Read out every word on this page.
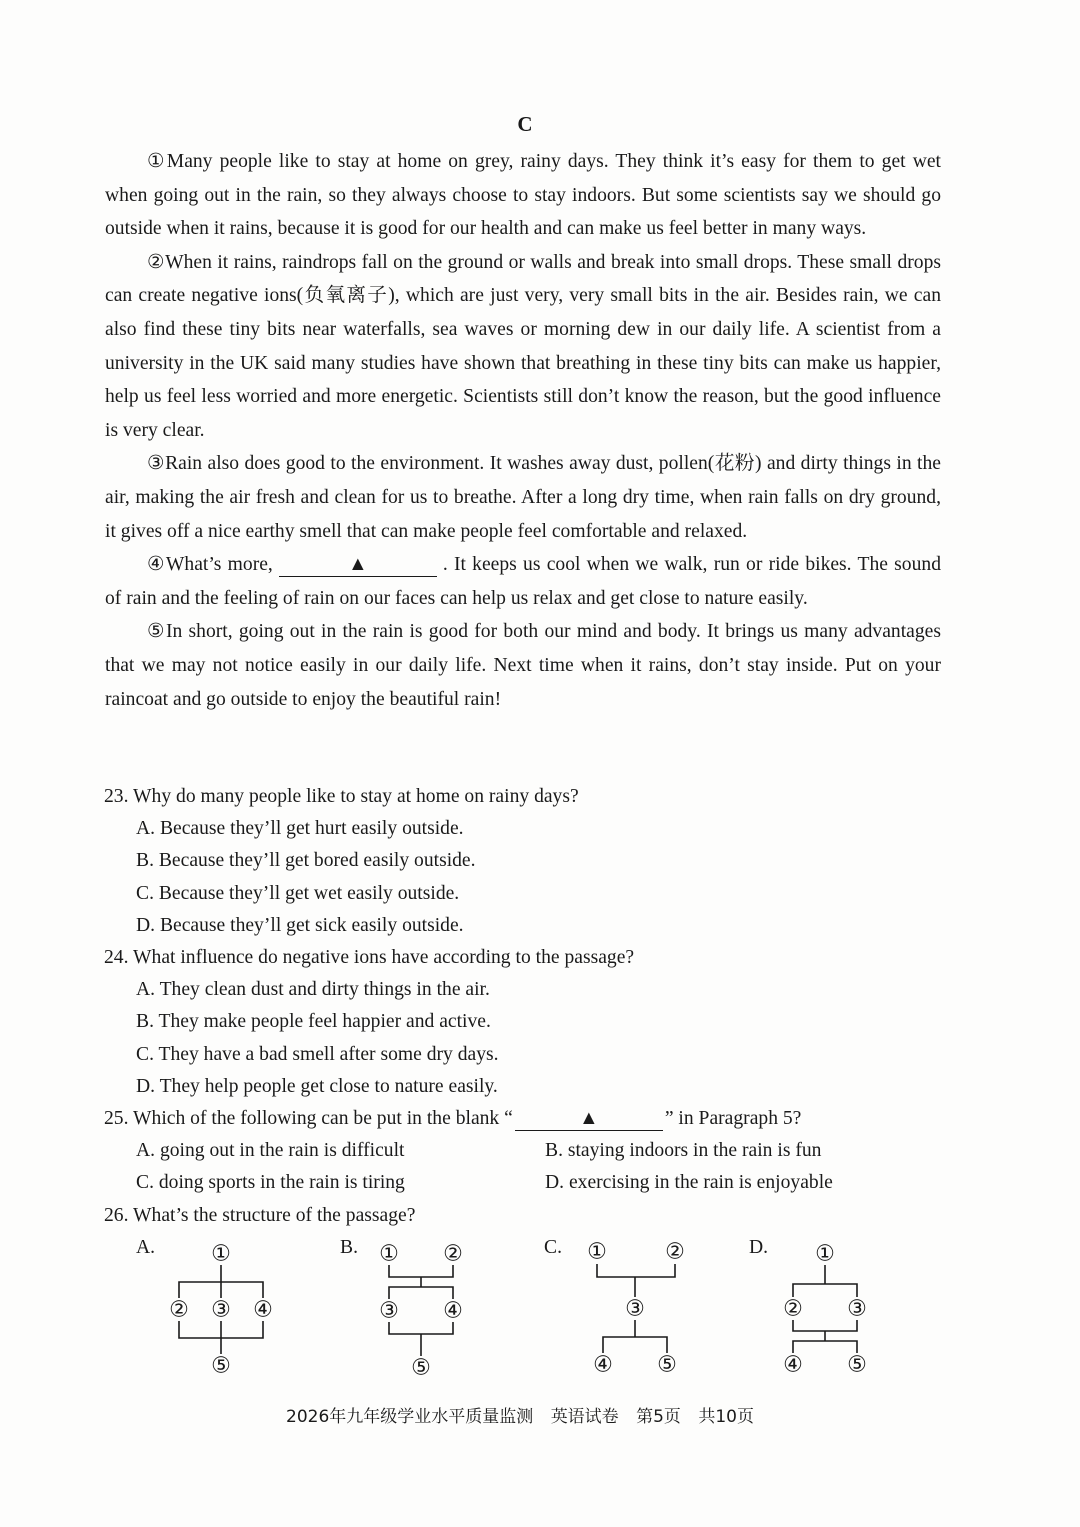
C

①Many people like to stay at home on grey, rainy days. They think it’s easy for them to get wet when going out in the rain, so they always choose to stay indoors. But some scientists say we should go outside when it rains, because it is good for our health and can make us feel better in many ways.

②When it rains, raindrops fall on the ground or walls and break into small drops. These small drops can create negative ions(负氧离子), which are just very, very small bits in the air. Besides rain, we can also find these tiny bits near waterfalls, sea waves or morning dew in our daily life. A scientist from a university in the UK said many studies have shown that breathing in these tiny bits can make us happier, help us feel less worried and more energetic. Scientists still don’t know the reason, but the good influence is very clear.

③Rain also does good to the environment. It washes away dust, pollen(花粉) and dirty things in the air, making the air fresh and clean for us to breathe. After a long dry time, when rain falls on dry ground, it gives off a nice earthy smell that can make people feel comfortable and relaxed.

④What’s more,	▲	. It keeps us cool when we walk, run or ride bikes. The sound of rain and the feeling of rain on our faces can help us relax and get close to nature easily.

⑤In short, going out in the rain is good for both our mind and body. It brings us many advantages that we may not notice easily in our daily life. Next time when it rains, don’t stay inside. Put on your raincoat and go outside to enjoy the beautiful rain!

23. Why do many people like to stay at home on rainy days?

A. Because they’ll get hurt easily outside.

B. Because they’ll get bored easily outside.

C. Because they’ll get wet easily outside.

D. Because they’ll get sick easily outside.

24. What influence do negative ions have according to the passage?

A. They clean dust and dirty things in the air.

B. They make people feel happier and active.

C. They have a bad smell after some dry days.

D. They help people get close to nature easily.

25. Which of the following can be put in the blank “	▲	” in Paragraph 5?

A. going out in the rain is difficult	B. staying indoors in the rain is fun
C. doing sports in the rain is tiring	D. exercising in the rain is enjoyable

26. What’s the structure of the passage?

A.	B.	C.	D.
①
② ③ ④
⑤
① ②
③ ④
⑤
①	②
③
④ ⑤
①
② ③
④ ⑤
2026年九年级学业水平质量监测 英语试卷 第5页 共10页
